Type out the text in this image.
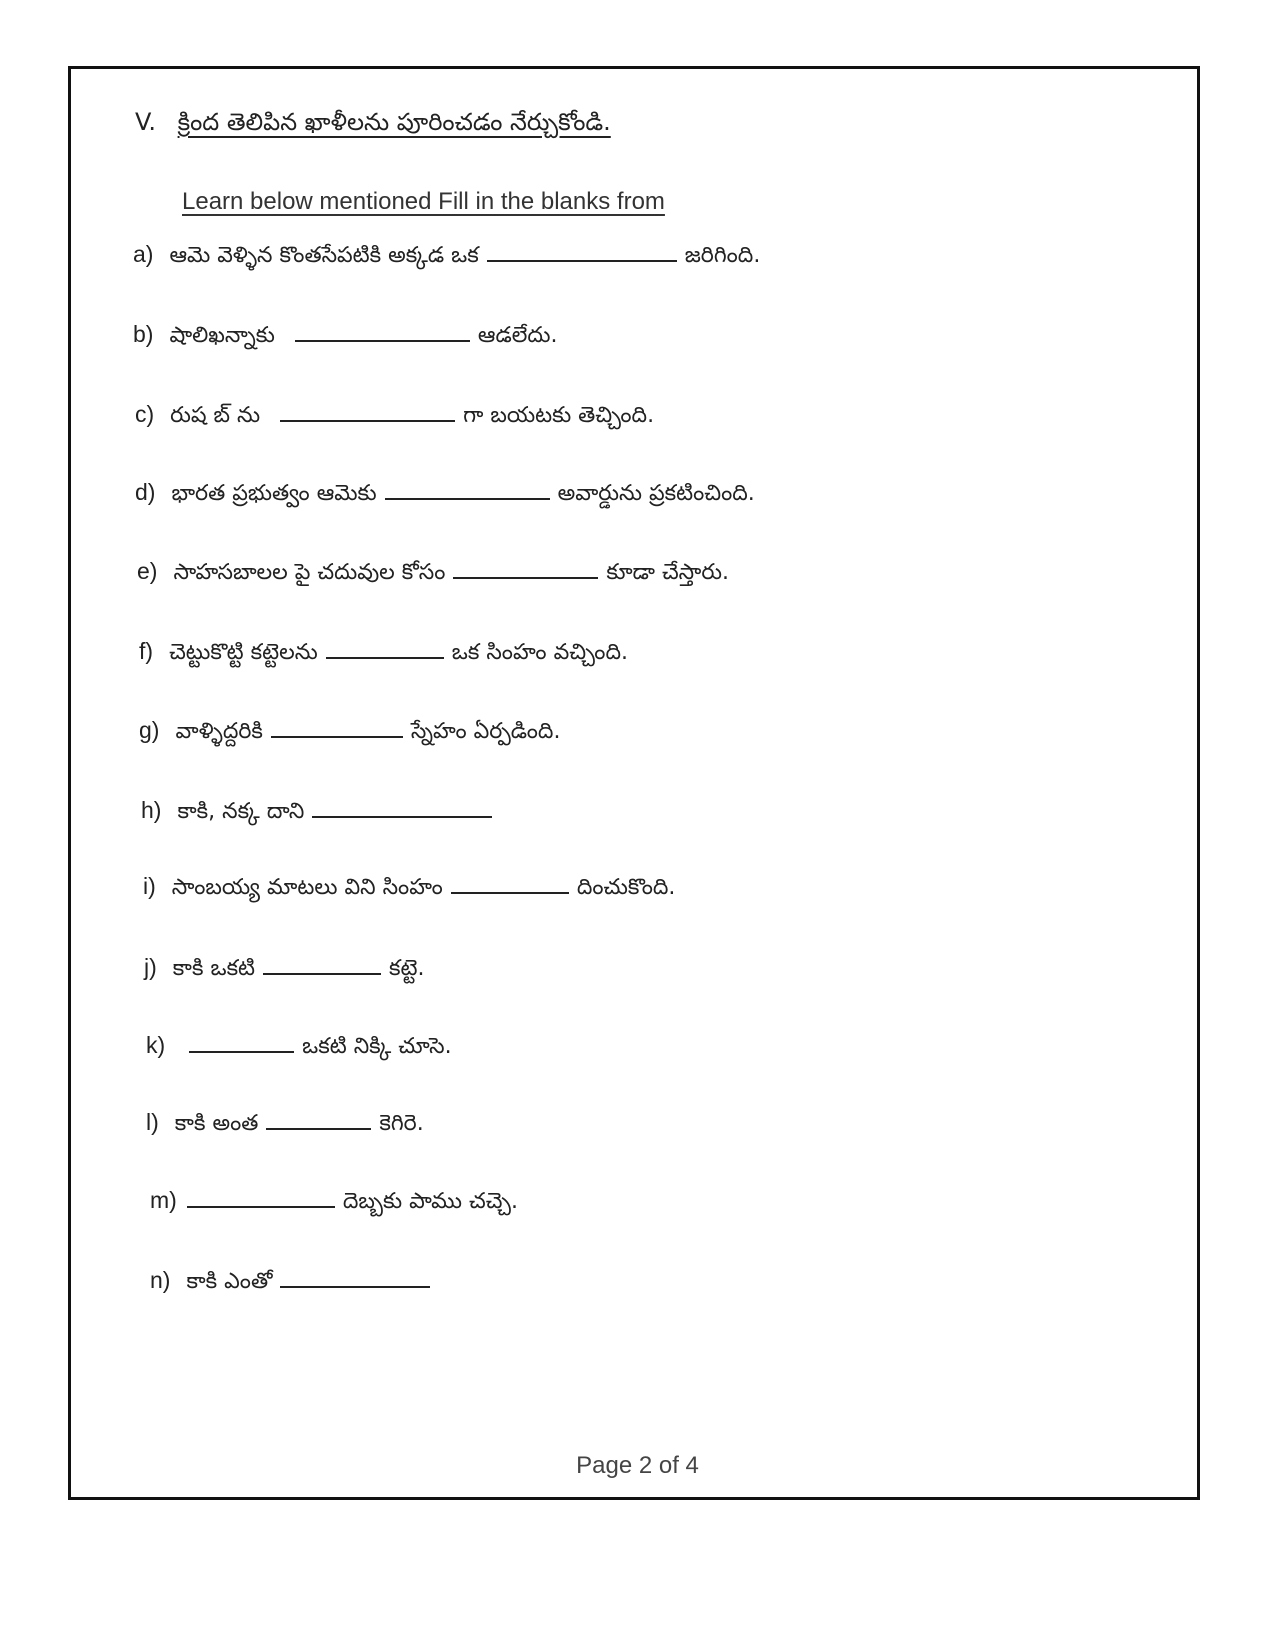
V. క్రింద తెలిపిన ఖాళీలను పూరించడం నేర్చుకోండి.
Learn below mentioned Fill in the blanks from
a) ఆమె వెళ్ళిన కొంతసేపటికి అక్కడ ఒక	జరిగింది.
b) షాలిఖన్నాకు	ఆడలేదు.
c) రుష బ్ ను	గా బయటకు తెచ్చింది.
d) భారత ప్రభుత్వం ఆమెకు	అవార్డును ప్రకటించింది.
e) సాహసబాలల పై చదువుల కోసం	కూడా చేస్తారు.
f) చెట్టుకొట్టి కట్టెలను	ఒక సింహం వచ్చింది.
g) వాళ్ళిద్దరికి	స్నేహం ఏర్పడింది.
h) కాకి, నక్క దాని
i) సాంబయ్య మాటలు విని సింహం	దించుకొంది.
j) కాకి ఒకటి	కట్టె.
k)	ఒకటి నిక్కి చూసె.
l) కాకి అంత	కెగిరె.
m)	దెబ్బకు పాము చచ్చె.
n) కాకి ఎంతో
Page 2 of 4
